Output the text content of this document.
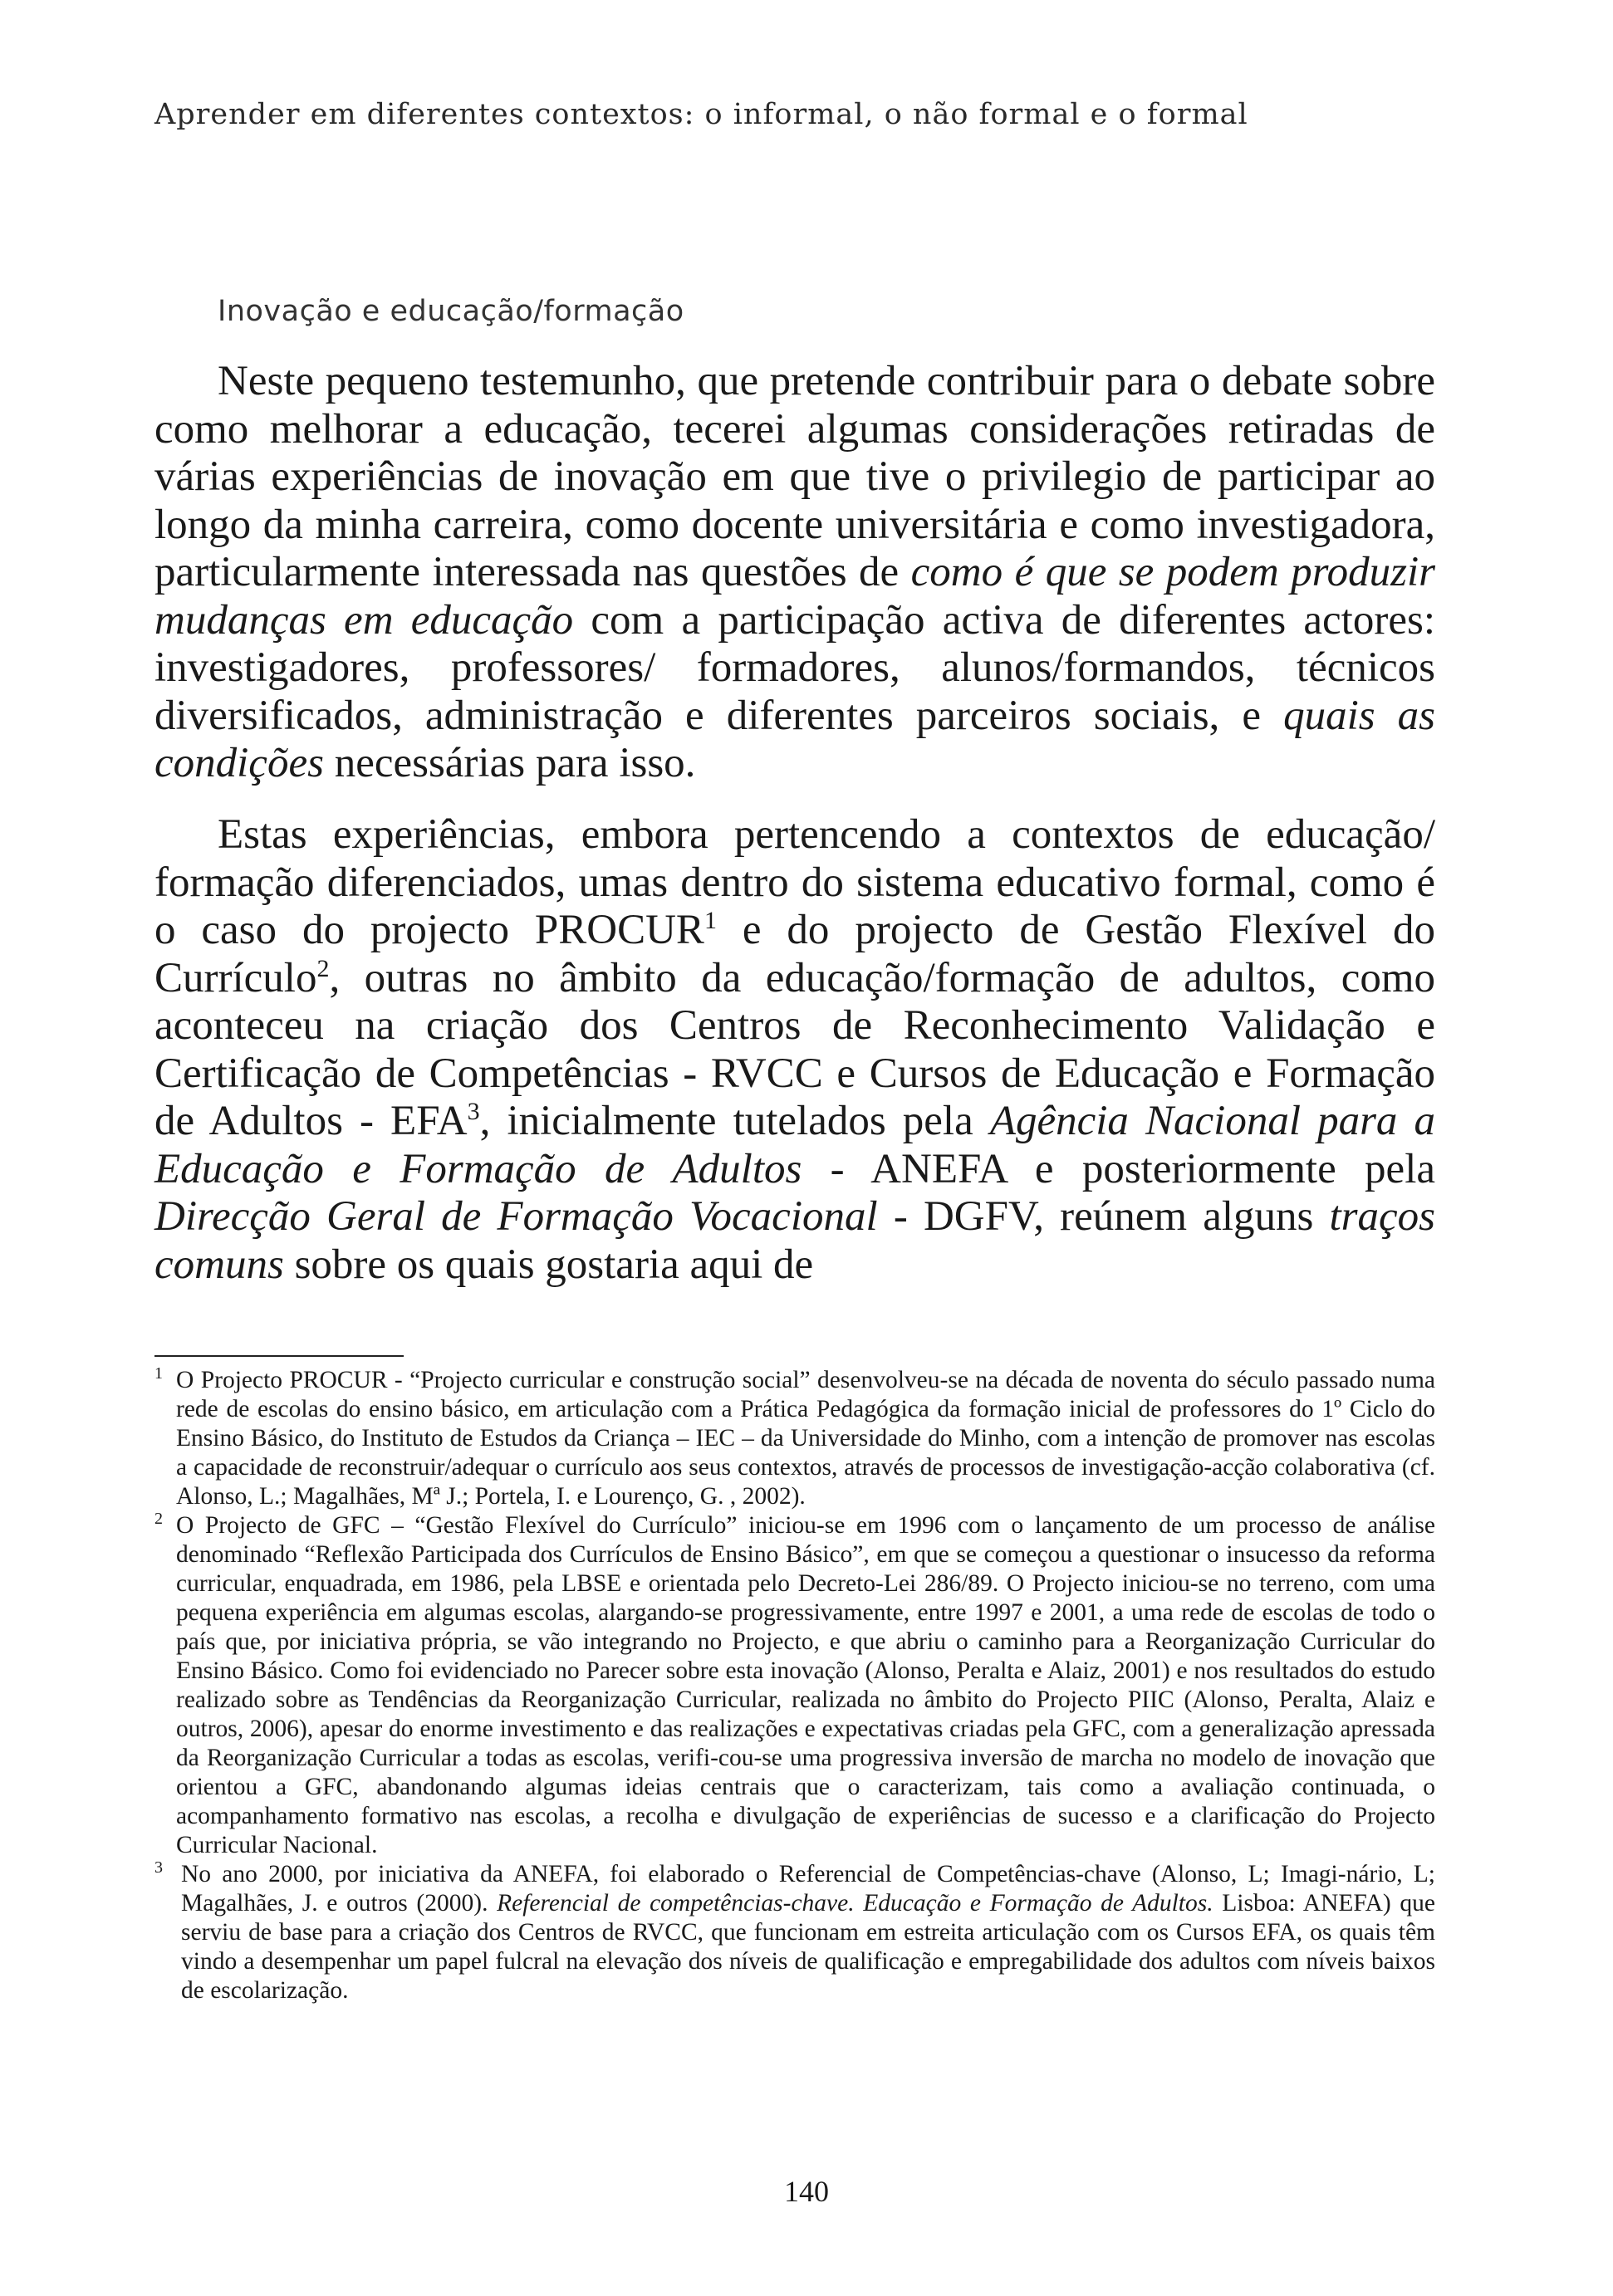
Aprender em diferentes contextos: o informal, o não formal e o formal
Inovação e educação/formação

Neste pequeno testemunho, que pretende contribuir para o debate sobre como melhorar a educação, tecerei algumas considerações retiradas de várias experiências de inovação em que tive o privilegio de participar ao longo da minha carreira, como docente universitária e como investigadora, particularmente interessada nas questões de como é que se podem produzir mudanças em educação com a participação activa de diferentes actores: investigadores, professores/ formadores, alunos/formandos, técnicos diversificados, administração e diferentes parceiros sociais, e quais as condições necessárias para isso.

Estas experiências, embora pertencendo a contextos de educação/ formação diferenciados, umas dentro do sistema educativo formal, como é o caso do projecto PROCUR$^1$ e do projecto de Gestão Flexível do Currículo$^2$, outras no âmbito da educação/formação de adultos, como aconteceu na criação dos Centros de Reconhecimento Validação e Certificação de Competências - RVCC e Cursos de Educação e Formação de Adultos - EFA$^3$, inicialmente tutelados pela Agência Nacional para a Educação e Formação de Adultos - ANEFA e posteriormente pela Direcção Geral de Formação Vocacional - DGFV, reúnem alguns traços comuns sobre os quais gostaria aqui de

1 O Projecto PROCUR - “Projecto curricular e construção social” desenvolveu-se na década de noventa do século passado numa rede de escolas do ensino básico, em articulação com a Prática Pedagógica da formação inicial de professores do 1º Ciclo do Ensino Básico, do Instituto de Estudos da Criança – IEC – da Universidade do Minho, com a intenção de promover nas escolas a capacidade de reconstruir/adequar o currículo aos seus contextos, através de processos de investigação-acção colaborativa (cf. Alonso, L.; Magalhães, Mª J.; Portela, I. e Lourenço, G. , 2002).

2 O Projecto de GFC – “Gestão Flexível do Currículo” iniciou-se em 1996 com o lançamento de um processo de análise denominado “Reflexão Participada dos Currículos de Ensino Básico”, em que se começou a questionar o insucesso da reforma curricular, enquadrada, em 1986, pela LBSE e orientada pelo Decreto-Lei 286/89. O Projecto iniciou-se no terreno, com uma pequena experiência em algumas escolas, alargando-se progressivamente, entre 1997 e 2001, a uma rede de escolas de todo o país que, por iniciativa própria, se vão integrando no Projecto, e que abriu o caminho para a Reorganização Curricular do Ensino Básico. Como foi evidenciado no Parecer sobre esta inovação (Alonso, Peralta e Alaiz, 2001) e nos resultados do estudo realizado sobre as Tendências da Reorganização Curricular, realizada no âmbito do Projecto PIIC (Alonso, Peralta, Alaiz e outros, 2006), apesar do enorme investimento e das realizações e expectativas criadas pela GFC, com a generalização apressada da Reorganização Curricular a todas as escolas, verifi-cou-se uma progressiva inversão de marcha no modelo de inovação que orientou a GFC, abandonando algumas ideias centrais que o caracterizam, tais como a avaliação continuada, o acompanhamento formativo nas escolas, a recolha e divulgação de experiências de sucesso e a clarificação do Projecto Curricular Nacional.

3 No ano 2000, por iniciativa da ANEFA, foi elaborado o Referencial de Competências-chave (Alonso, L; Imagi-nário, L; Magalhães, J. e outros (2000). Referencial de competências-chave. Educação e Formação de Adultos. Lisboa: ANEFA) que serviu de base para a criação dos Centros de RVCC, que funcionam em estreita articulação com os Cursos EFA, os quais têm vindo a desempenhar um papel fulcral na elevação dos níveis de qualificação e empregabilidade dos adultos com níveis baixos de escolarização.

140
